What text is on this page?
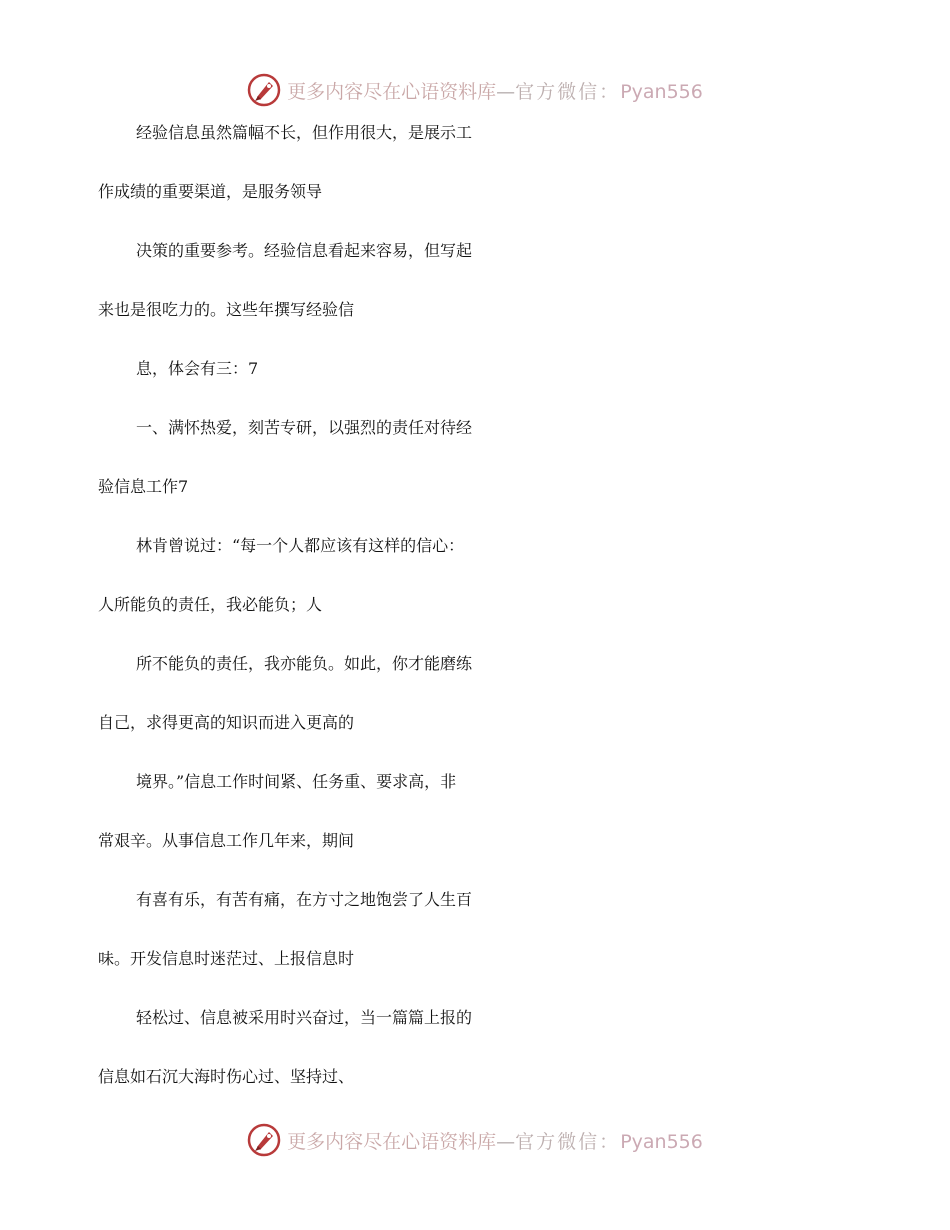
更多内容尽在心语资料库—官方微信：Pyan556
经验信息虽然篇幅不长，但作用很大，是展示工
作成绩的重要渠道，是服务领导
决策的重要参考。经验信息看起来容易，但写起
来也是很吃力的。这些年撰写经验信
息，体会有三：7
一、满怀热爱，刻苦专研，以强烈的责任对待经
验信息工作7
林肯曾说过：“每一个人都应该有这样的信心：
人所能负的责任，我必能负；人
所不能负的责任，我亦能负。如此，你才能磨练
自己，求得更高的知识而进入更高的
境界。”信息工作时间紧、任务重、要求高，非
常艰辛。从事信息工作几年来，期间
有喜有乐，有苦有痛，在方寸之地饱尝了人生百
味。开发信息时迷茫过、上报信息时
轻松过、信息被采用时兴奋过，当一篇篇上报的
信息如石沉大海时伤心过、坚持过、
更多内容尽在心语资料库—官方微信：Pyan556
